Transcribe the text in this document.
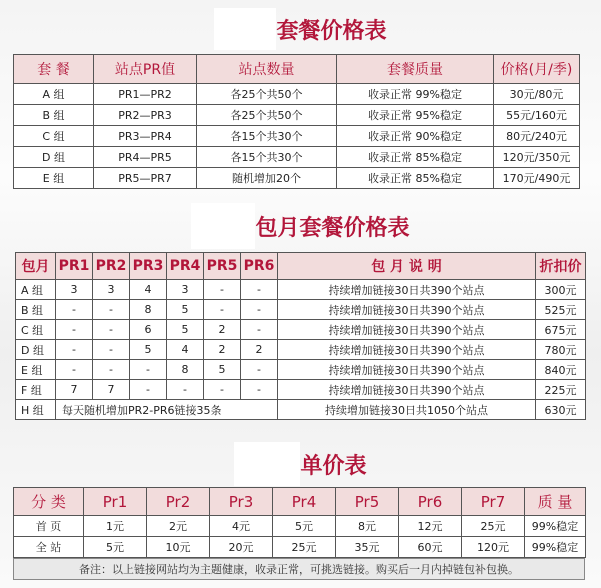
套餐价格表
套 餐	站点PR值	站点数量	套餐质量	价格(月/季)
A 组	PR1—PR2	各25个共50个	收录正常 99%稳定	30元/80元
B 组	PR2—PR3	各25个共50个	收录正常 95%稳定	55元/160元
C 组	PR3—PR4	各15个共30个	收录正常 90%稳定	80元/240元
D 组	PR4—PR5	各15个共30个	收录正常 85%稳定	120元/350元
E 组	PR5—PR7	随机增加20个	收录正常 85%稳定	170元/490元
包月套餐价格表
包月	PR1	PR2	PR3	PR4	PR5	PR6	包 月 说 明	折扣价
A 组	3	3	4	3	-	-	持续增加链接30日共390个站点	300元
B 组	-	-	8	5	-	-	持续增加链接30日共390个站点	525元
C 组	-	-	6	5	2	-	持续增加链接30日共390个站点	675元
D 组	-	-	5	4	2	2	持续增加链接30日共390个站点	780元
E 组	-	-	-	8	5	-	持续增加链接30日共390个站点	840元
F 组	7	7	-	-	-	-	持续增加链接30日共390个站点	225元
H 组	每天随机增加PR2-PR6链接35条						持续增加链接30日共1050个站点	630元
单价表
分 类	Pr1	Pr2	Pr3	Pr4	Pr5	Pr6	Pr7	质 量
首 页	1元	2元	4元	5元	8元	12元	25元	99%稳定
全 站	5元	10元	20元	25元	35元	60元	120元	99%稳定
备注：以上链接网站均为主题健康，收录正常，可挑选链接。购买后一月内掉链包补包换。
